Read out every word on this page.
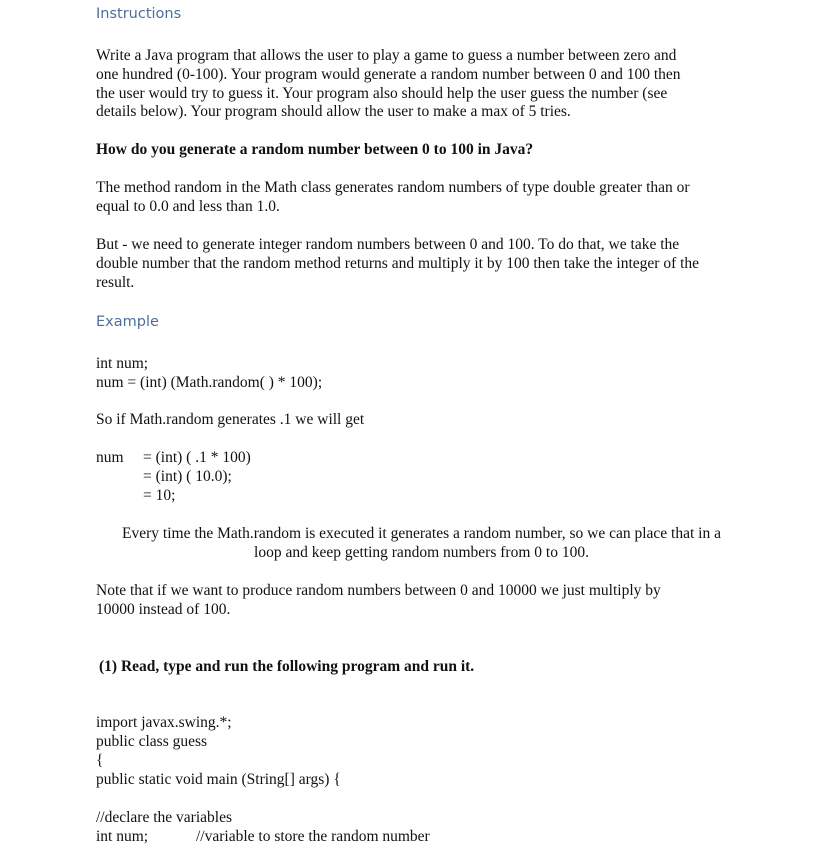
Instructions
Write a Java program that allows the user to play a game to guess a number between zero and
one hundred (0-100). Your program would generate a random number between 0 and 100 then
the user would try to guess it. Your program also should help the user guess the number (see
details below). Your program should allow the user to make a max of 5 tries.
How do you generate a random number between 0 to 100 in Java?
The method random in the Math class generates random numbers of type double greater than or
equal to 0.0 and less than 1.0.
But - we need to generate integer random numbers between 0 and 100. To do that, we take the
double number that the random method returns and multiply it by 100 then take the integer of the
result.
Example
int num;
num = (int) (Math.random( ) * 100);
So if Math.random generates .1 we will get
num = (int) ( .1 * 100)
= (int) ( 10.0);
= 10;
Every time the Math.random is executed it generates a random number, so we can place that in a
loop and keep getting random numbers from 0 to 100.
Note that if we want to produce random numbers between 0 and 10000 we just multiply by
10000 instead of 100.
(1) Read, type and run the following program and run it.
import javax.swing.*;
public class guess
{
public static void main (String[] args) {
//declare the variables
int num;	//variable to store the random number
